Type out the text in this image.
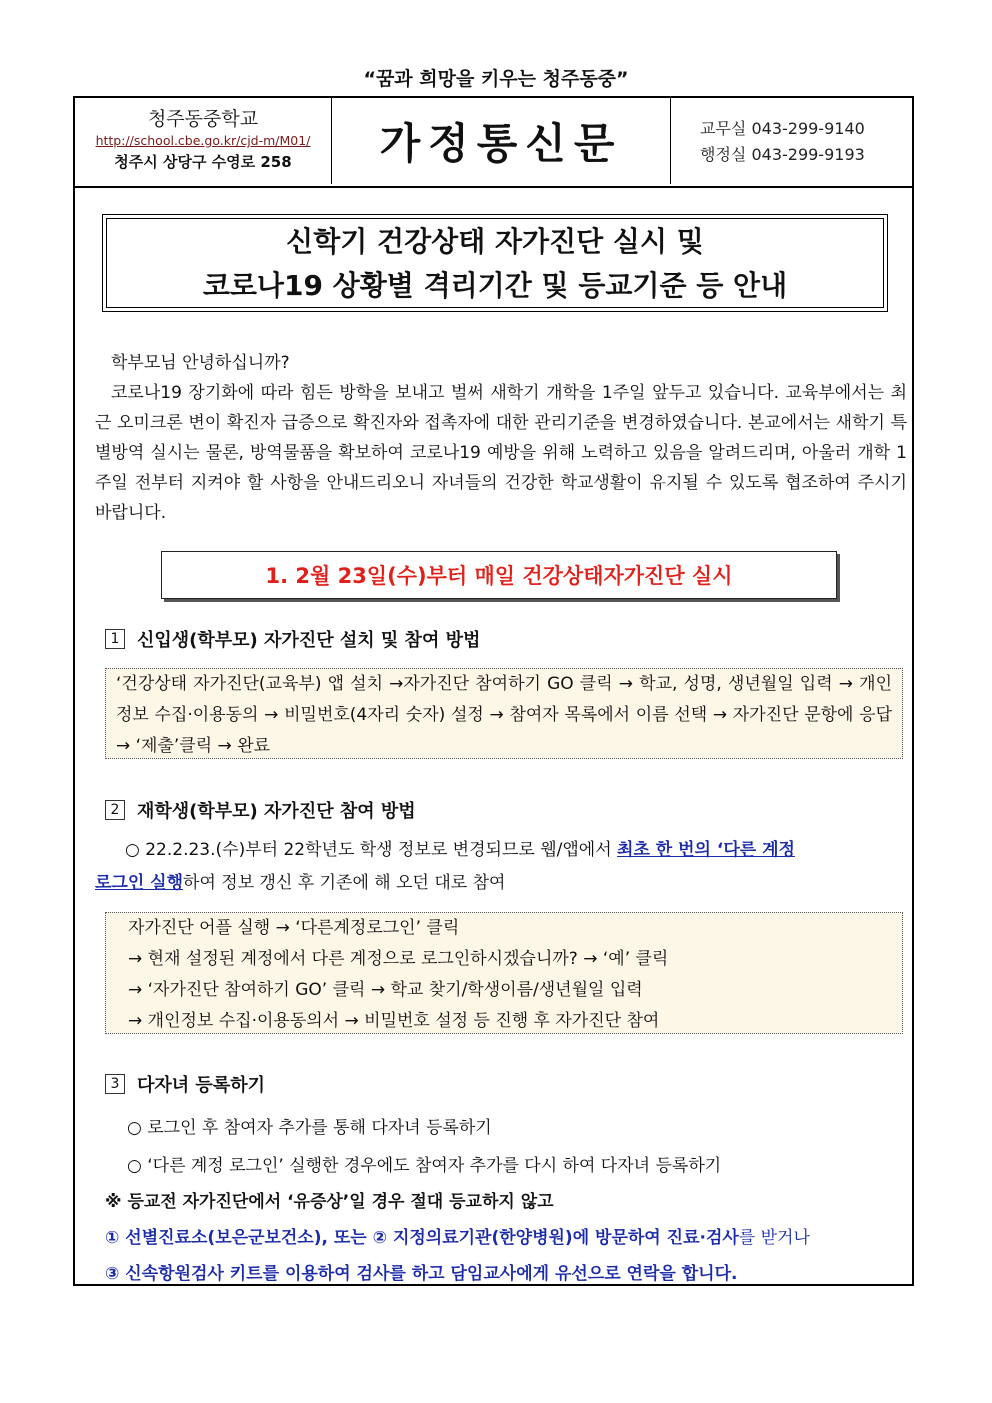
“꿈과 희망을 키우는 청주동중”
청주동중학교
http://school.cbe.go.kr/cjd-m/M01/
청주시 상당구 수영로 258	가정통신문	교무실 043-299-9140
행정실 043-299-9193
신학기 건강상태 자가진단 실시 및
코로나19 상황별 격리기간 및 등교기준 등 안내

학부모님 안녕하십니까?

코로나19 장기화에 따라 힘든 방학을 보내고 벌써 새학기 개학을 1주일 앞두고 있습니다. 교육부에서는 최근 오미크론 변이 확진자 급증으로 확진자와 접촉자에 대한 관리기준을 변경하였습니다. 본교에서는 새학기 특별방역 실시는 물론, 방역물품을 확보하여 코로나19 예방을 위해 노력하고 있음을 알려드리며, 아울러 개학 1주일 전부터 지켜야 할 사항을 안내드리오니 자녀들의 건강한 학교생활이 유지될 수 있도록 협조하여 주시기 바랍니다.

1. 2월 23일(수)부터 매일 건강상태자가진단 실시
1 신입생(학부모) 자가진단 설치 및 참여 방법
‘건강상태 자가진단(교육부) 앱 설치 →자가진단 참여하기 GO 클릭 → 학교, 성명, 생년월일 입력 → 개인정보 수집·이용동의 → 비밀번호(4자리 숫자) 설정 → 참여자 목록에서 이름 선택 → 자가진단 문항에 응답 → ‘제출’클릭 → 완료
2 재학생(학부모) 자가진단 참여 방법
○ 22.2.23.(수)부터 22학년도 학생 정보로 변경되므로 웹/앱에서 최초 한 번의 ‘다른 계정
로그인 실행하여 정보 갱신 후 기존에 해 오던 대로 참여
자가진단 어플 실행 → ‘다른계정로그인’ 클릭
→ 현재 설정된 계정에서 다른 계정으로 로그인하시겠습니까? → ‘예’ 클릭
→ ‘자가진단 참여하기 GO’ 클릭 → 학교 찾기/학생이름/생년월일 입력
→ 개인정보 수집·이용동의서 → 비밀번호 설정 등 진행 후 자가진단 참여
3 다자녀 등록하기
○ 로그인 후 참여자 추가를 통해 다자녀 등록하기
○ ‘다른 계정 로그인’ 실행한 경우에도 참여자 추가를 다시 하여 다자녀 등록하기
※ 등교전 자가진단에서 ‘유증상’일 경우 절대 등교하지 않고
① 선별진료소(보은군보건소), 또는 ② 지정의료기관(한양병원)에 방문하여 진료·검사를 받거나
③ 신속항원검사 키트를 이용하여 검사를 하고 담임교사에게 유선으로 연락을 합니다.
